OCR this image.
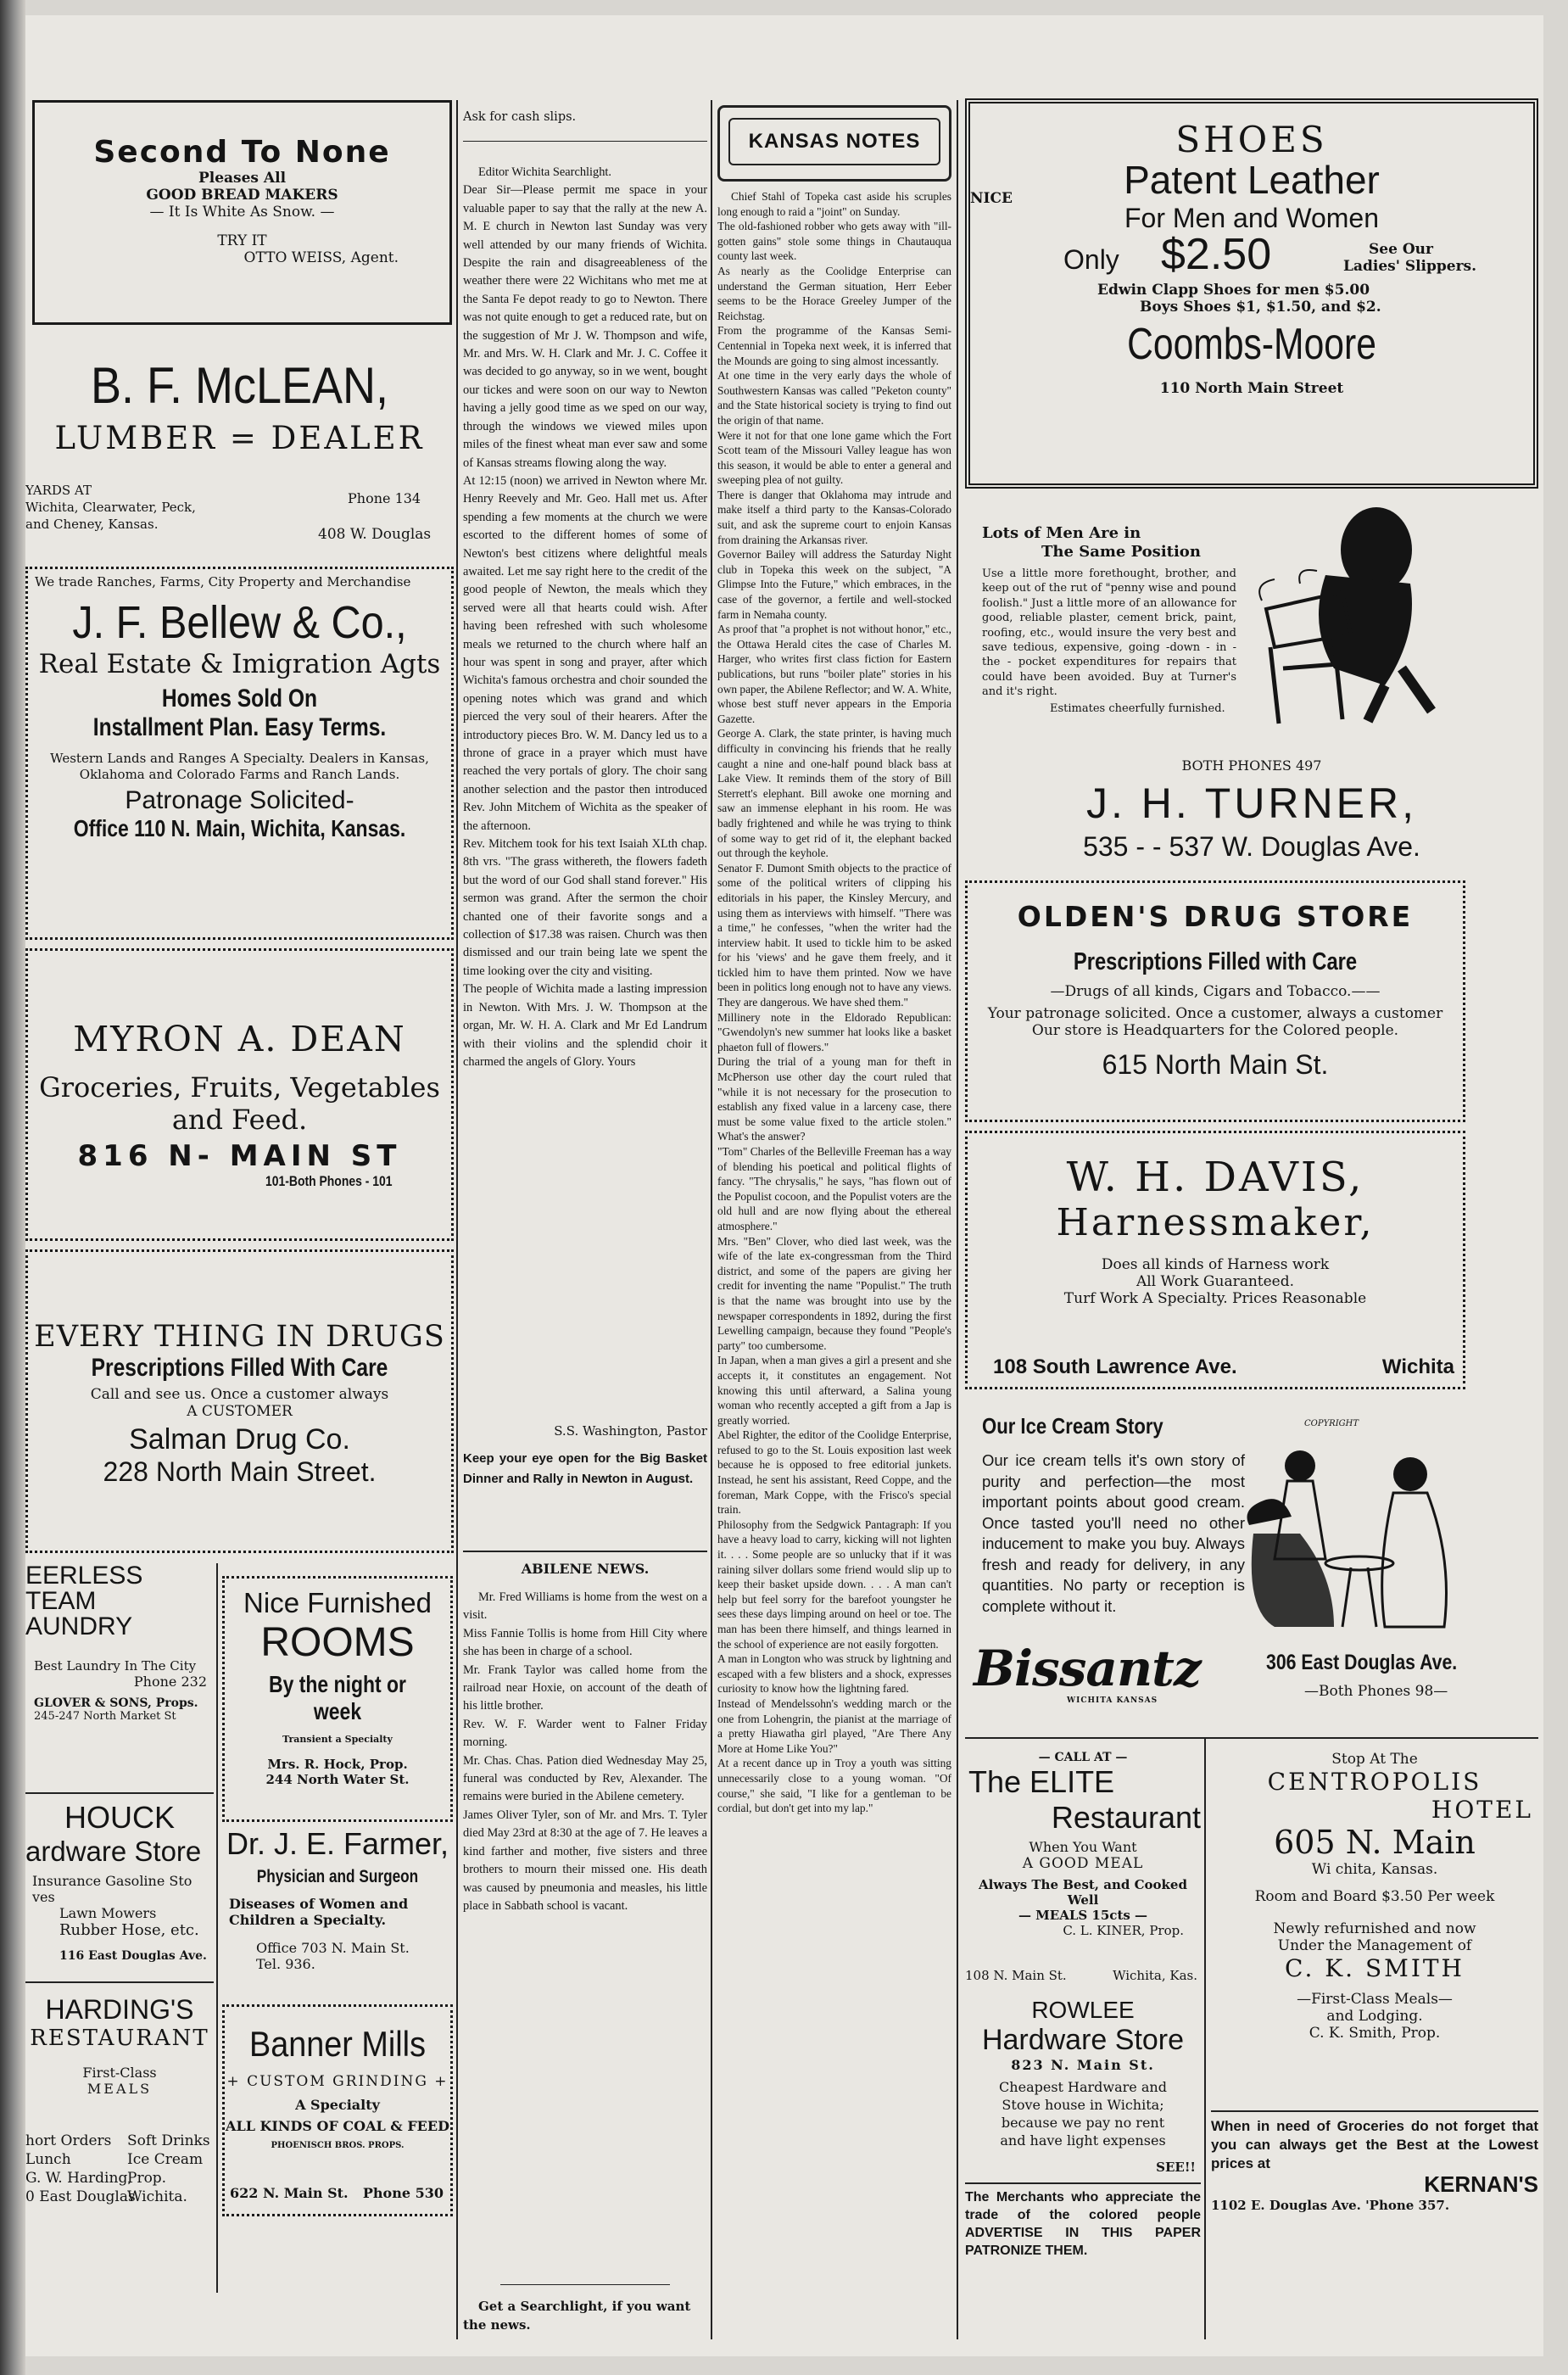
Second To None
Pleases All
GOOD BREAD MAKERS
— It Is White As Snow. —
TRY IT
OTTO WEISS, Agent.
B. F. McLEAN,
LUMBER = DEALER
YARDS AT
Wichita, Clearwater, Peck,
and Cheney, Kansas.
Phone 134
408 W. Douglas
We trade Ranches, Farms, City Property and Merchandise
J. F. Bellew & Co.,
Real Estate & Imigration Agts
Homes Sold On
Installment Plan. Easy Terms.
Western Lands and Ranges A Specialty. Dealers in Kansas, Oklahoma and Colorado Farms and Ranch Lands.
Patronage Solicited-
Office 110 N. Main, Wichita, Kansas.
MYRON A. DEAN
Groceries, Fruits, Vegetables
and Feed.
816 N- MAIN ST
101-Both Phones - 101
EVERY THING IN DRUGS
Prescriptions Filled With Care
Call and see us. Once a customer always
A CUSTOMER
Salman Drug Co.
228 North Main Street.
EERLESS
TEAM
AUNDRY
Best Laundry In The City
Phone 232
GLOVER & SONS, Props.
245-247 North Market St
HOUCK
ardware Store
Insurance Gasoline Sto ves
Lawn Mowers
Rubber Hose, etc.
116 East Douglas Ave.
HARDING'S
RESTAURANT
First-Class
MEALS
hort Orders
Lunch
G. W. Harding,
0 East Douglas
Soft Drinks
Ice Cream
Prop.
Wichita.
Nice Furnished
ROOMS
By the night or week
Transient a Specialty
Mrs. R. Hock, Prop.
244 North Water St.
Dr. J. E. Farmer,
Physician and Surgeon
Diseases of Women and
Children a Specialty.
Office 703 N. Main St.
Tel. 936.
Banner Mills
+ CUSTOM GRINDING +
A Specialty
ALL KINDS OF COAL & FEED
PHOENISCH BROS. PROPS.
622 N. Main St. Phone 530
Ask for cash slips.
Editor Wichita Searchlight.
Dear Sir—Please permit me space in your valuable paper to say that the rally at the new A. M. E church in Newton last Sunday was very well attended by our many friends of Wichita. Despite the rain and disagreeableness of the weather there were 22 Wichitans who met me at the Santa Fe depot ready to go to Newton. There was not quite enough to get a reduced rate, but on the suggestion of Mr J. W. Thompson and wife, Mr. and Mrs. W. H. Clark and Mr. J. C. Coffee it was decided to go anyway, so in we went, bought our tickes and were soon on our way to Newton having a jelly good time as we sped on our way, through the windows we viewed miles upon miles of the finest wheat man ever saw and some of Kansas streams flowing along the way.
At 12:15 (noon) we arrived in Newton where Mr. Henry Reevely and Mr. Geo. Hall met us. After spending a few moments at the church we were escorted to the different homes of some of Newton's best citizens where delightful meals awaited. Let me say right here to the credit of the good people of Newton, the meals which they served were all that hearts could wish. After having been refreshed with such wholesome meals we returned to the church where half an hour was spent in song and prayer, after which Wichita's famous orchestra and choir sounded the opening notes which was grand and which pierced the very soul of their hearers. After the introductory pieces Bro. W. M. Dancy led us to a throne of grace in a prayer which must have reached the very portals of glory. The choir sang another selection and the pastor then introduced Rev. John Mitchem of Wichita as the speaker of the afternoon.
Rev. Mitchem took for his text Isaiah XLth chap. 8th vrs. "The grass withereth, the flowers fadeth but the word of our God shall stand forever." His sermon was grand. After the sermon the choir chanted one of their favorite songs and a collection of $17.38 was raisen. Church was then dismissed and our train being late we spent the time looking over the city and visiting.
The people of Wichita made a lasting impression in Newton. With Mrs. J. W. Thompson at the organ, Mr. W. H. A. Clark and Mr Ed Landrum with their violins and the splendid choir it charmed the angels of Glory. Yours
S.S. Washington, Pastor
Keep your eye open for the Big Basket Dinner and Rally in Newton in August.
ABILENE NEWS.
Mr. Fred Williams is home from the west on a visit.
Miss Fannie Tollis is home from Hill City where she has been in charge of a school.
Mr. Frank Taylor was called home from the railroad near Hoxie, on account of the death of his little brother.
Rev. W. F. Warder went to Falner Friday morning.
Mr. Chas. Chas. Pation died Wednesday May 25, funeral was conducted by Rev, Alexander. The remains were buried in the Abilene cemetery.
James Oliver Tyler, son of Mr. and Mrs. T. Tyler died May 23rd at 8:30 at the age of 7. He leaves a kind farther and mother, five sisters and three brothers to mourn their missed one. His death was caused by pneumonia and measles, his little place in Sabbath school is vacant.
Get a Searchlight, if you want the news.
KANSAS NOTES
Chief Stahl of Topeka cast aside his scruples long enough to raid a "joint" on Sunday.
The old-fashioned robber who gets away with "ill-gotten gains" stole some things in Chautauqua county last week.
As nearly as the Coolidge Enterprise can understand the German situation, Herr Eeber seems to be the Horace Greeley Jumper of the Reichstag.
From the programme of the Kansas Semi-Centennial in Topeka next week, it is inferred that the Mounds are going to sing almost incessantly.
At one time in the very early days the whole of Southwestern Kansas was called "Peketon county" and the State historical society is trying to find out the origin of that name.
Were it not for that one lone game which the Fort Scott team of the Missouri Valley league has won this season, it would be able to enter a general and sweeping plea of not guilty.
There is danger that Oklahoma may intrude and make itself a third party to the Kansas-Colorado suit, and ask the supreme court to enjoin Kansas from draining the Arkansas river.
Governor Bailey will address the Saturday Night club in Topeka this week on the subject, "A Glimpse Into the Future," which embraces, in the case of the governor, a fertile and well-stocked farm in Nemaha county.
As proof that "a prophet is not without honor," etc., the Ottawa Herald cites the case of Charles M. Harger, who writes first class fiction for Eastern publications, but runs "boiler plate" stories in his own paper, the Abilene Reflector; and W. A. White, whose best stuff never appears in the Emporia Gazette.
George A. Clark, the state printer, is having much difficulty in convincing his friends that he really caught a nine and one-half pound black bass at Lake View. It reminds them of the story of Bill Sterrett's elephant. Bill awoke one morning and saw an immense elephant in his room. He was badly frightened and while he was trying to think of some way to get rid of it, the elephant backed out through the keyhole.
Senator F. Dumont Smith objects to the practice of some of the political writers of clipping his editorials in his paper, the Kinsley Mercury, and using them as interviews with himself. "There was a time," he confesses, "when the writer had the interview habit. It used to tickle him to be asked for his 'views' and he gave them freely, and it tickled him to have them printed. Now we have been in politics long enough not to have any views. They are dangerous. We have shed them."
Millinery note in the Eldorado Republican: "Gwendolyn's new summer hat looks like a basket phaeton full of flowers."
During the trial of a young man for theft in McPherson use other day the court ruled that "while it is not necessary for the prosecution to establish any fixed value in a larceny case, there must be some value fixed to the article stolen." What's the answer?
"Tom" Charles of the Belleville Freeman has a way of blending his poetical and political flights of fancy. "The chrysalis," he says, "has flown out of the Populist cocoon, and the Populist voters are the old hull and are now flying about the ethereal atmosphere."
Mrs. "Ben" Clover, who died last week, was the wife of the late ex-congressman from the Third district, and some of the papers are giving her credit for inventing the name "Populist." The truth is that the name was brought into use by the newspaper correspondents in 1892, during the first Lewelling campaign, because they found "People's party" too cumbersome.
In Japan, when a man gives a girl a present and she accepts it, it constitutes an engagement. Not knowing this until afterward, a Salina young woman who recently accepted a gift from a Jap is greatly worried.
Abel Righter, the editor of the Coolidge Enterprise, refused to go to the St. Louis exposition last week because he is opposed to free editorial junkets. Instead, he sent his assistant, Reed Coppe, and the foreman, Mark Coppe, with the Frisco's special train.
Philosophy from the Sedgwick Pantagraph: If you have a heavy load to carry, kicking will not lighten it. . . . Some people are so unlucky that if it was raining silver dollars some friend would slip up to keep their basket upside down. . . . A man can't help but feel sorry for the barefoot youngster he sees these days limping around on heel or toe. The man has been there himself, and things learned in the school of experience are not easily forgotten.
A man in Longton who was struck by lightning and escaped with a few blisters and a shock, expresses curiosity to know how the lightning fared.
Instead of Mendelssohn's wedding march or the one from Lohengrin, the pianist at the marriage of a pretty Hiawatha girl played, "Are There Any More at Home Like You?"
At a recent dance up in Troy a youth was sitting unnecessarily close to a young woman. "Of course," she said, "I like for a gentleman to be cordial, but don't get into my lap."
SHOES
NICE	Patent Leather
For Men and Women
Only $2.50	See Our
Ladies' Slippers.
Edwin Clapp Shoes for men $5.00
Boys Shoes $1, $1.50, and $2.
Coombs-Moore
110 North Main Street
Lots of Men Are in
The Same Position
Use a little more forethought, brother, and keep out of the rut of "penny wise and pound foolish." Just a little more of an allowance for good, reliable plaster, cement brick, paint, roofing, etc., would insure the very best and save tedious, expensive, going -down - in - the - pocket expenditures for repairs that could have been avoided. Buy at Turner's and it's right.
Estimates cheerfully furnished.
BOTH PHONES 497
J. H. TURNER,
535 - - 537 W. Douglas Ave.
OLDEN'S DRUG STORE
Prescriptions Filled with Care
—Drugs of all kinds, Cigars and Tobacco.——
Your patronage solicited. Once a customer, always a customer
Our store is Headquarters for the Colored people.
615 North Main St.
W. H. DAVIS,
Harnessmaker,
Does all kinds of Harness work
All Work Guaranteed.
Turf Work A Specialty. Prices Reasonable
108 South Lawrence Ave.	Wichita
Our Ice Cream Story
Our ice cream tells it's own story of purity and perfection—the most important points about good cream. Once tasted you'll need no other inducement to make you buy. Always fresh and ready for delivery, in any quantities. No party or reception is complete without it.
COPYRIGHT
Bissantz
WICHITA KANSAS
306 East Douglas Ave.
—Both Phones 98—
— CALL AT —
The ELITE
Restaurant
When You Want
A GOOD MEAL
Always The Best, and Cooked Well
— MEALS 15cts —
C. L. KINER, Prop.
108 N. Main St.	Wichita, Kas.
ROWLEE
Hardware Store
823 N. Main St.
Cheapest Hardware and Stove house in Wichita; because we pay no rent and have light expenses
SEE!!
The Merchants who appreciate the trade of the colored people ADVERTISE IN THIS PAPER PATRONIZE THEM.
Stop At The
CENTROPOLIS
HOTEL
605 N. Main
Wi chita, Kansas.
Room and Board $3.50 Per week
Newly refurnished and now
Under the Management of
C. K. SMITH
—First-Class Meals—
and Lodging.
C. K. Smith, Prop.
When in need of Groceries do not forget that you can always get the Best at the Lowest prices at
KERNAN'S
1102 E. Douglas Ave. 'Phone 357.
